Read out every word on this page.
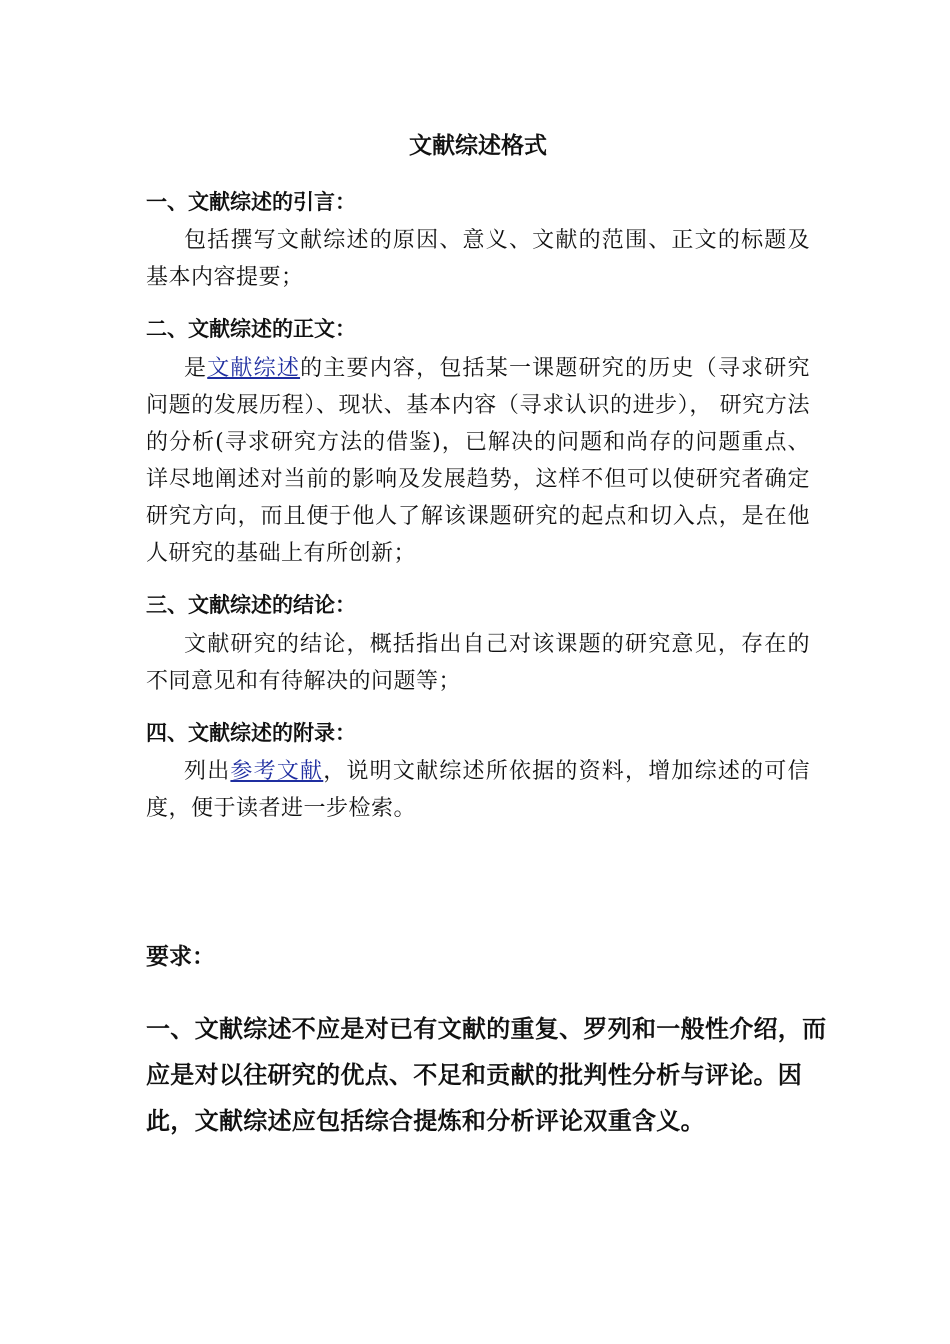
文献综述格式
一、文献综述的引言：

包括撰写文献综述的原因、意义、文献的范围、正文的标题及基本内容提要；

二、文献综述的正文：

是文献综述的主要内容，包括某一课题研究的历史（寻求研究问题的发展历程）、现状、基本内容（寻求认识的进步）， 研究方法的分析(寻求研究方法的借鉴)，已解决的问题和尚存的问题重点、详尽地阐述对当前的影响及发展趋势，这样不但可以使研究者确定研究方向，而且便于他人了解该课题研究的起点和切入点，是在他人研究的基础上有所创新；

三、文献综述的结论：

文献研究的结论，概括指出自己对该课题的研究意见，存在的不同意见和有待解决的问题等；

四、文献综述的附录：

列出参考文献，说明文献综述所依据的资料，增加综述的可信度，便于读者进一步检索。

要求：

一、文献综述不应是对已有文献的重复、罗列和一般性介绍，而应是对以往研究的优点、不足和贡献的批判性分析与评论。因此，文献综述应包括综合提炼和分析评论双重含义。
